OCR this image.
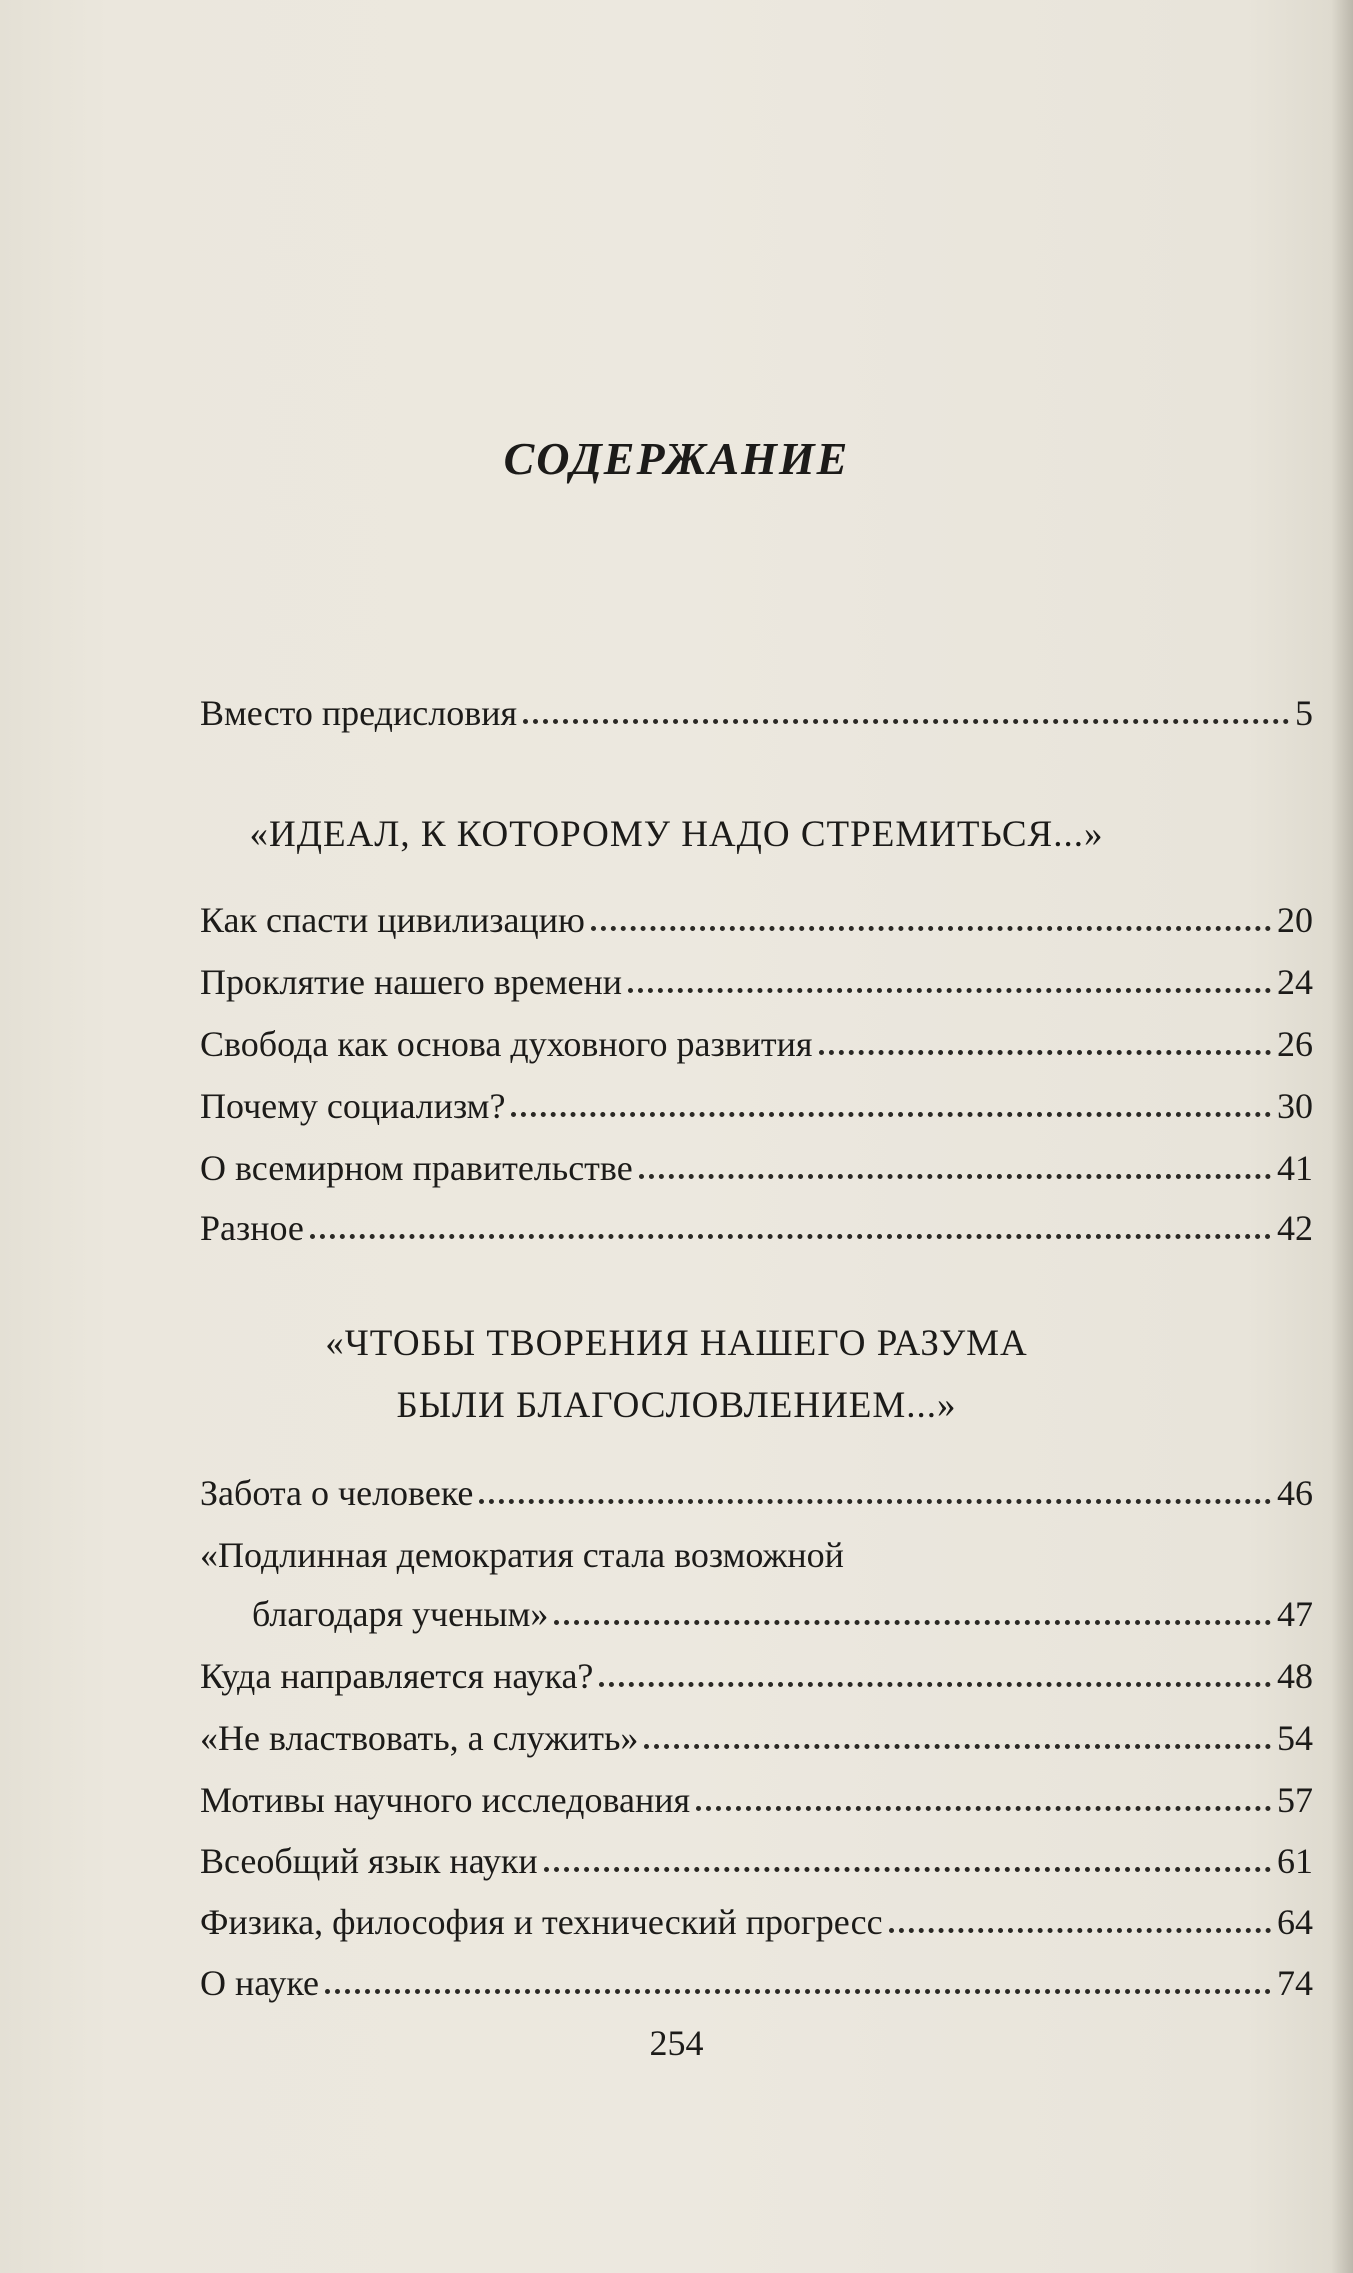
СОДЕРЖАНИЕ
Вместо предисловия	5
«ИДЕАЛ, К КОТОРОМУ НАДО СТРЕМИТЬСЯ...»
Как спасти цивилизацию	20
Проклятие нашего времени	24
Свобода как основа духовного развития	26
Почему социализм?	30
О всемирном правительстве	41
Разное	42
«ЧТОБЫ ТВОРЕНИЯ НАШЕГО РАЗУМА
БЫЛИ БЛАГОСЛОВЛЕНИЕМ...»
Забота о человеке	46
«Подлинная демократия стала возможной
благодаря ученым»	47
Куда направляется наука?	48
«Не властвовать, а служить»	54
Мотивы научного исследования	57
Всеобщий язык науки	61
Физика, философия и технический прогресс	64
О науке	74
254
